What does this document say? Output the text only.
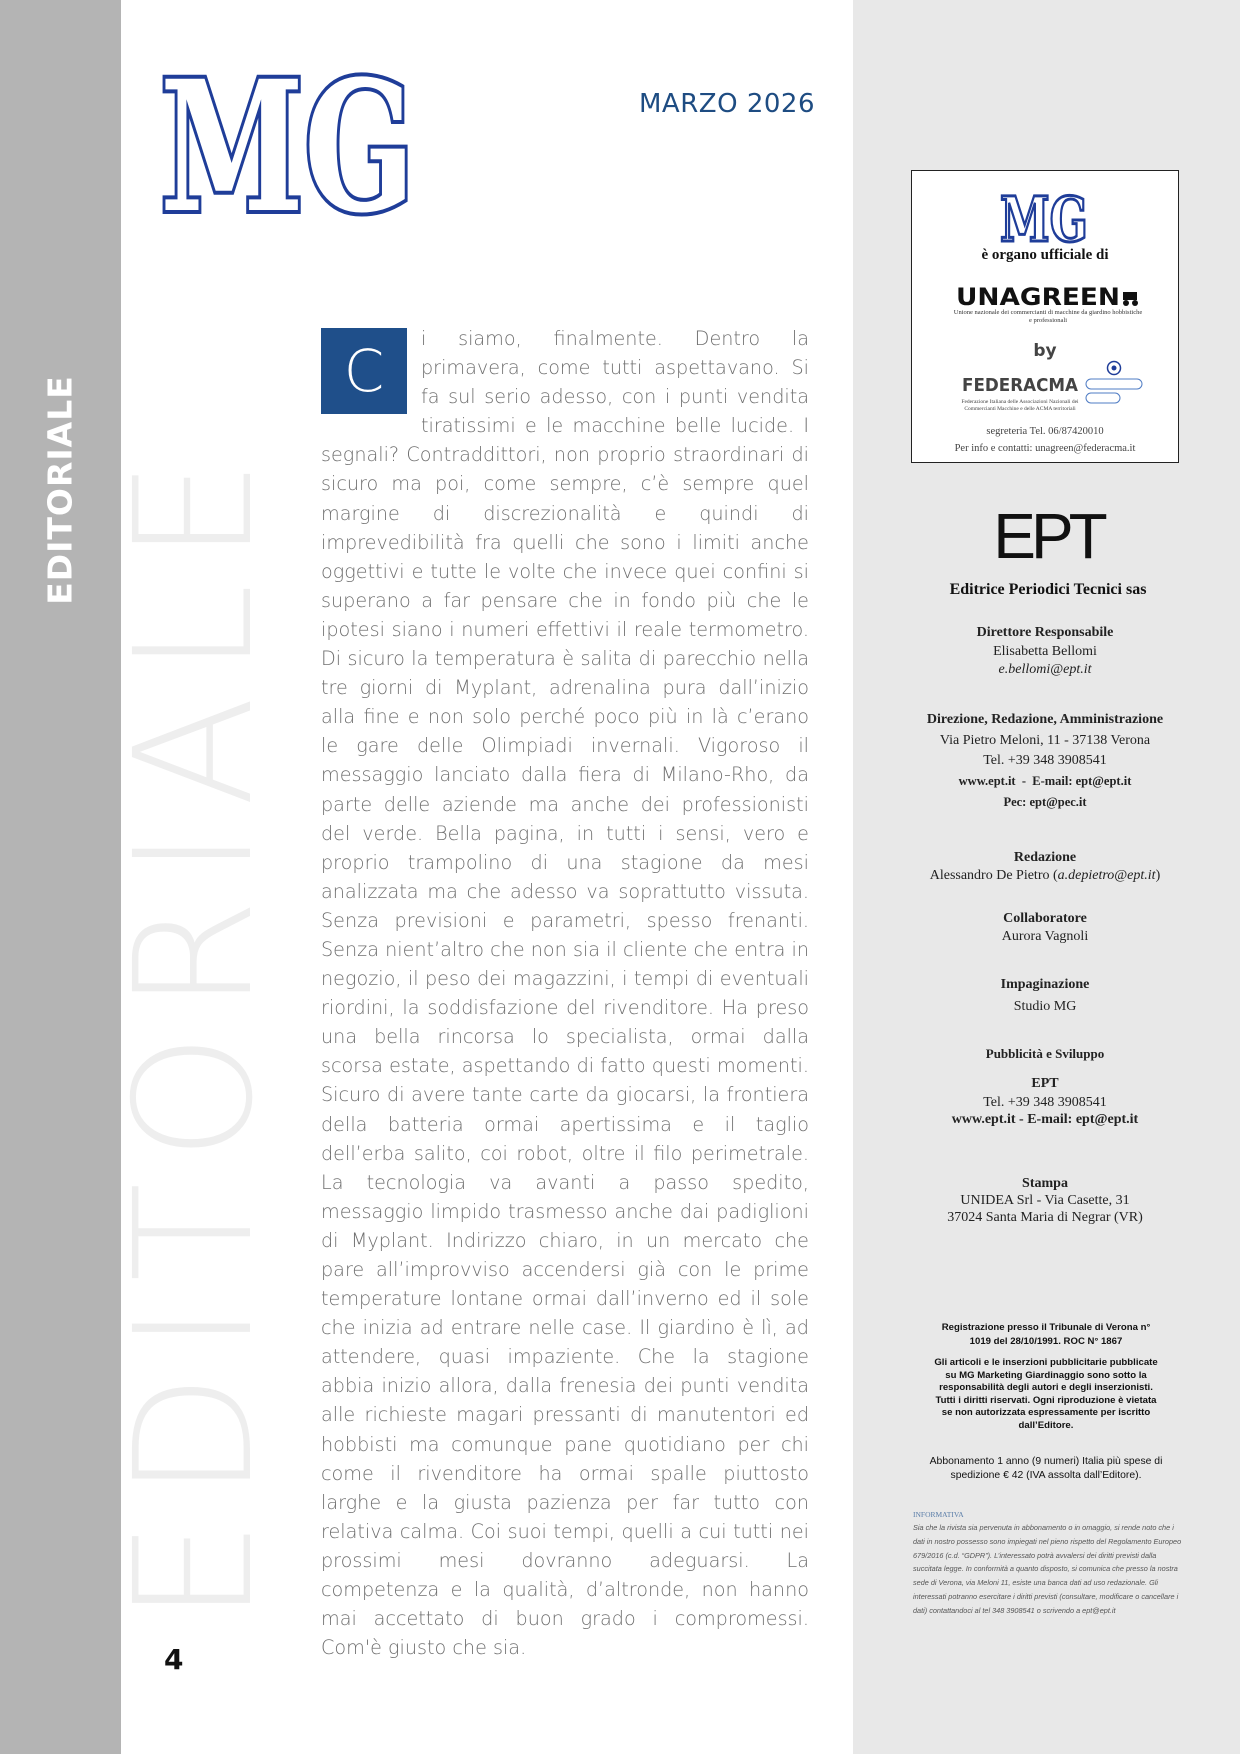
EDITORIALE EDITORIALE
MG
MG	MARZO 2026

C	i siamo, finalmente. Dentro la primavera, come tutti aspettavano. Si fa sul serio adesso, con i punti vendita tiratissimi e le macchine belle lucide. I segnali? Contraddittori, non proprio straordinari di sicuro ma poi, come sempre, c’è sempre quel margine di discrezionalità e quindi di imprevedibilità fra quelli che sono i limiti anche oggettivi e tutte le volte che invece quei confini si superano a far pensare che in fondo più che le ipotesi siano i numeri effettivi il reale termometro. Di sicuro la temperatura è salita di parecchio nella tre giorni di Myplant, adrenalina pura dall’inizio alla fine e non solo perché poco più in là c’erano le gare delle Olimpiadi invernali. Vigoroso il messaggio lanciato dalla fiera di Milano-Rho, da parte delle aziende ma anche dei professionisti del verde. Bella pagina, in tutti i sensi, vero e proprio trampolino di una stagione da mesi analizzata ma che adesso va soprattutto vissuta. Senza previsioni e parametri, spesso frenanti. Senza nient’altro che non sia il cliente che entra in negozio, il peso dei magazzini, i tempi di eventuali riordini, la soddisfazione del rivenditore. Ha preso una bella rincorsa lo specialista, ormai dalla scorsa estate, aspettando di fatto questi momenti. Sicuro di avere tante carte da giocarsi, la frontiera della batteria ormai apertissima e il taglio dell’erba salito, coi robot, oltre il filo perimetrale. La tecnologia va avanti a passo spedito, messaggio limpido trasmesso anche dai padiglioni di Myplant. Indirizzo chiaro, in un mercato che pare all’improvviso accendersi già con le prime temperature lontane ormai dall’inverno ed il sole che inizia ad entrare nelle case. Il giardino è lì, ad attendere, quasi impaziente. Che la stagione abbia inizio allora, dalla frenesia dei punti vendita alle richieste magari pressanti di manutentori ed hobbisti ma comunque pane quotidiano per chi come il rivenditore ha ormai spalle piuttosto larghe e la giusta pazienza per far tutto con relativa calma. Coi suoi tempi, quelli a cui tutti nei prossimi mesi dovranno adeguarsi. La competenza e la qualità, d’altronde, non hanno mai accettato di buon grado i compromessi. Com'è giusto che sia.

4
MG
è organo ufficiale di
UNAGREEN
Unione nazionale dei commercianti di macchine da giardino hobbistiche e professionali
by
FEDERACMA
Federazione Italiana delle Associazioni Nazionali dei Commercianti Macchine e delle ACMA territoriali
segreteria Tel. 06/87420010
Per info e contatti: unagreen@federacma.it
EPT
Editrice Periodici Tecnici sas
Direttore Responsabile
Elisabetta Bellomi
e.bellomi@ept.it
Direzione, Redazione, Amministrazione
Via Pietro Meloni, 11 - 37138 Verona
Tel. +39 348 3908541
www.ept.it  -  E-mail: ept@ept.it
Pec: ept@pec.it
Redazione
Alessandro De Pietro (a.depietro@ept.it)
Collaboratore
Aurora Vagnoli
Impaginazione
Studio MG
Pubblicità e Sviluppo
EPT
Tel. +39 348 3908541
www.ept.it - E-mail: ept@ept.it
Stampa
UNIDEA Srl - Via Casette, 31
37024 Santa Maria di Negrar (VR)
Registrazione presso il Tribunale di Verona n° 1019 del 28/10/1991. ROC N° 1867
Gli articoli e le inserzioni pubblicitarie pubblicate su MG Marketing Giardinaggio sono sotto la responsabilità degli autori e degli inserzionisti.
Tutti i diritti riservati. Ogni riproduzione è vietata se non autorizzata espressamente per iscritto dall’Editore.
Abbonamento 1 anno (9 numeri) Italia più spese di spedizione € 42 (IVA assolta dall’Editore).
INFORMATIVA
Sia che la rivista sia pervenuta in abbonamento o in omaggio, si rende noto che i dati in nostro possesso sono impiegati nel pieno rispetto del Regolamento Europeo 679/2016 (c.d. “GDPR”). L’interessato potrà avvalersi dei diritti previsti dalla succitata legge. In conformità a quanto disposto, si comunica che presso la nostra sede di Verona, via Meloni 11, esiste una banca dati ad uso redazionale. Gli interessati potranno esercitare i diritti previsti (consultare, modificare o cancellare i dati) contattandoci al tel 348 3908541 o scrivendo a ept@ept.it
